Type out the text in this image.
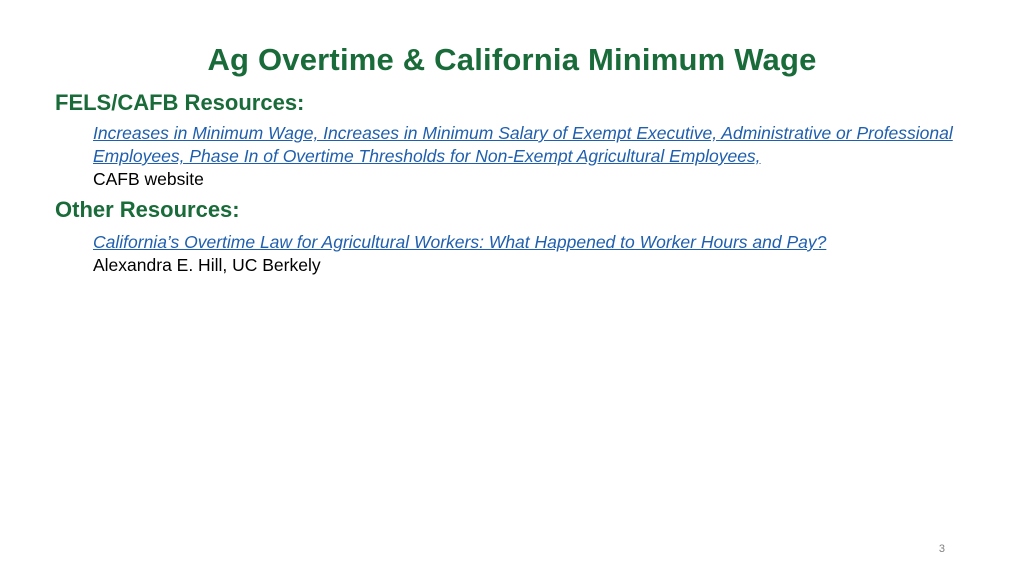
Ag Overtime & California Minimum Wage
FELS/CAFB Resources:
Increases in Minimum Wage, Increases in Minimum Salary of Exempt Executive, Administrative or Professional Employees, Phase In of Overtime Thresholds for Non-Exempt Agricultural Employees,
CAFB website
Other Resources:
California’s Overtime Law for Agricultural Workers: What Happened to Worker Hours and Pay?
Alexandra E. Hill, UC Berkely
3
